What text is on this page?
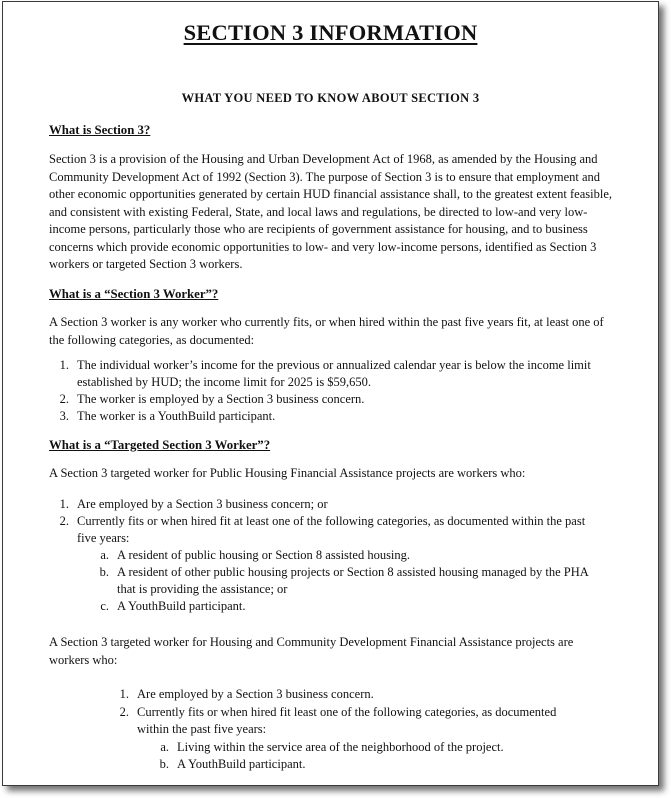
SECTION 3 INFORMATION
WHAT YOU NEED TO KNOW ABOUT SECTION 3
What is Section 3?

Section 3 is a provision of the Housing and Urban Development Act of 1968, as amended by the Housing and Community Development Act of 1992 (Section 3). The purpose of Section 3 is to ensure that employment and other economic opportunities generated by certain HUD financial assistance shall, to the greatest extent feasible, and consistent with existing Federal, State, and local laws and regulations, be directed to low-and very low-income persons, particularly those who are recipients of government assistance for housing, and to business concerns which provide economic opportunities to low- and very low-income persons, identified as Section 3 workers or targeted Section 3 workers.

What is a “Section 3 Worker”?

A Section 3 worker is any worker who currently fits, or when hired within the past five years fit, at least one of the following categories, as documented:

1. The individual worker’s income for the previous or annualized calendar year is below the income limit established by HUD; the income limit for 2025 is $59,650.
2. The worker is employed by a Section 3 business concern.
3. The worker is a YouthBuild participant.
What is a “Targeted Section 3 Worker”?

A Section 3 targeted worker for Public Housing Financial Assistance projects are workers who:

1. Are employed by a Section 3 business concern; or
2. Currently fits or when hired fit at least one of the following categories, as documented within the past five years:
a. A resident of public housing or Section 8 assisted housing.
b. A resident of other public housing projects or Section 8 assisted housing managed by the PHA that is providing the assistance; or
c. A YouthBuild participant.

A Section 3 targeted worker for Housing and Community Development Financial Assistance projects are workers who:

1. Are employed by a Section 3 business concern.
2. Currently fits or when hired fit least one of the following categories, as documented within the past five years:
a. Living within the service area of the neighborhood of the project.
b. A YouthBuild participant.
